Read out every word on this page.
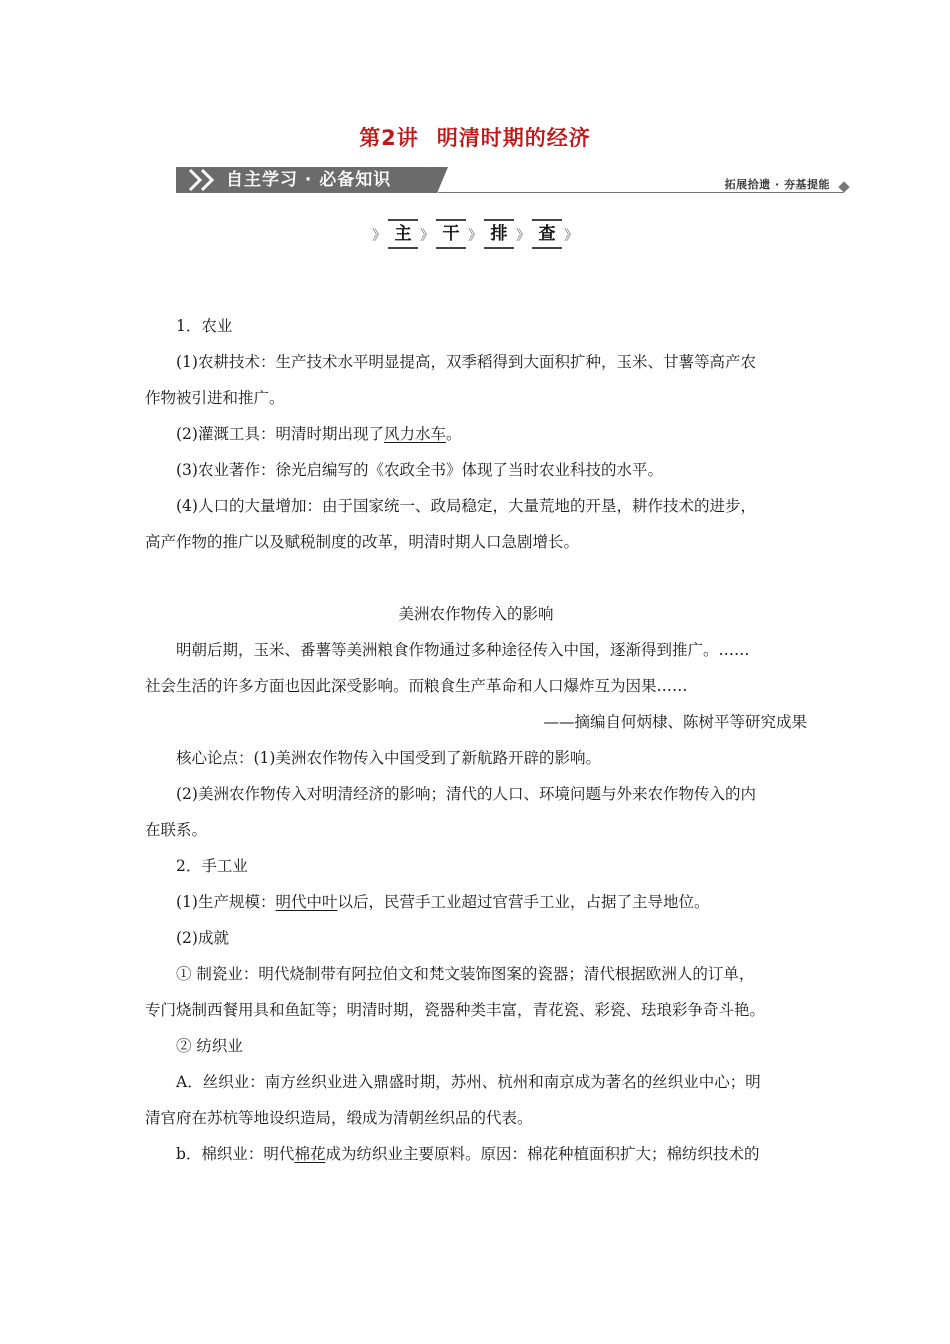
第2讲 明清时期的经济
自主学习 · 必备知识	拓展拾遗 · 夯基提能
》 主 》 干 》 排 》 查 》

1．农业

(1)农耕技术：生产技术水平明显提高，双季稻得到大面积扩种，玉米、甘薯等高产农

作物被引进和推广。

(2)灌溉工具：明清时期出现了风力水车。

(3)农业著作：徐光启编写的《农政全书》体现了当时农业科技的水平。

(4)人口的大量增加：由于国家统一、政局稳定，大量荒地的开垦，耕作技术的进步，

高产作物的推广以及赋税制度的改革，明清时期人口急剧增长。

美洲农作物传入的影响

明朝后期，玉米、番薯等美洲粮食作物通过多种途径传入中国，逐渐得到推广。……

社会生活的许多方面也因此深受影响。而粮食生产革命和人口爆炸互为因果……

——摘编自何炳棣、陈树平等研究成果

核心论点：(1)美洲农作物传入中国受到了新航路开辟的影响。

(2)美洲农作物传入对明清经济的影响；清代的人口、环境问题与外来农作物传入的内

在联系。

2．手工业

(1)生产规模：明代中叶以后，民营手工业超过官营手工业，占据了主导地位。

(2)成就

① 制瓷业：明代烧制带有阿拉伯文和梵文装饰图案的瓷器；清代根据欧洲人的订单，

专门烧制西餐用具和鱼缸等；明清时期，瓷器种类丰富，青花瓷、彩瓷、珐琅彩争奇斗艳。

② 纺织业

A．丝织业：南方丝织业进入鼎盛时期，苏州、杭州和南京成为著名的丝织业中心；明

清官府在苏杭等地设织造局，缎成为清朝丝织品的代表。

b．棉织业：明代棉花成为纺织业主要原料。原因：棉花种植面积扩大；棉纺织技术的
